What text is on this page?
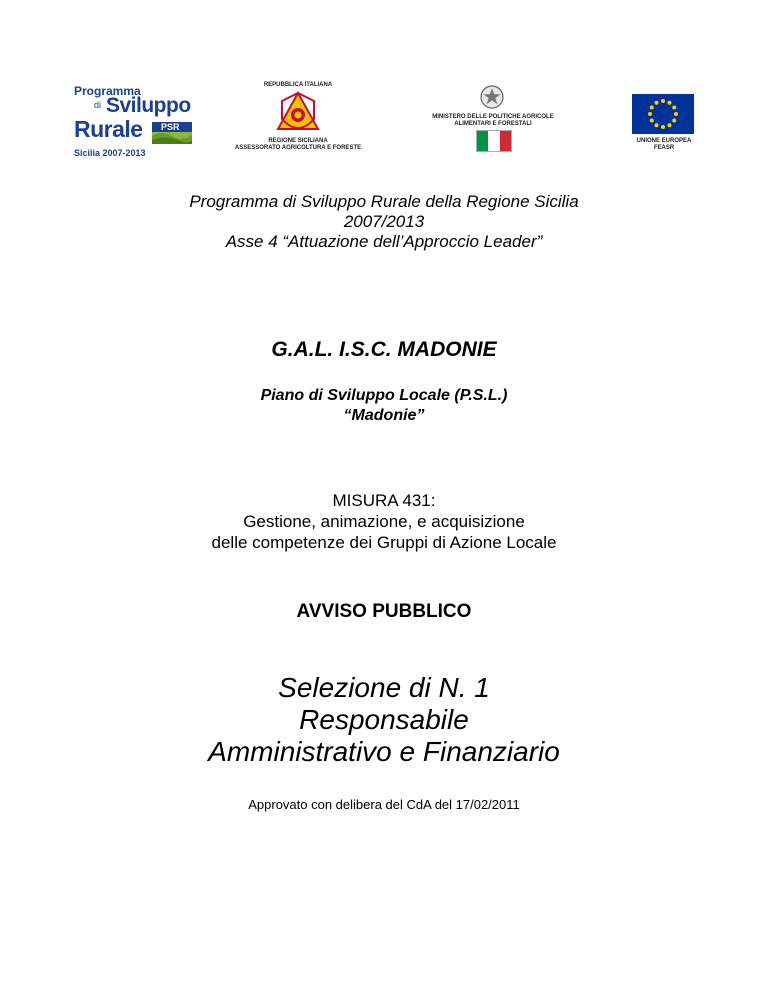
Programma
di Sviluppo
Rurale PSR
Sicilia 2007-2013
REPUBBLICA ITALIANA
REGIONE SICILIANA
ASSESSORATO AGRICOLTURA E FORESTE
MINISTERO DELLE POLITICHE AGRICOLE
ALIMENTARI E FORESTALI
UNIONE EUROPEA
FEASR
Programma di Sviluppo Rurale della Regione Sicilia
2007/2013
Asse 4 “Attuazione dell’Approccio Leader”
G.A.L. I.S.C. MADONIE
Piano di Sviluppo Locale (P.S.L.)
“Madonie”
MISURA 431:
Gestione, animazione, e acquisizione
delle competenze dei Gruppi di Azione Locale
AVVISO PUBBLICO
Selezione di N. 1
Responsabile
Amministrativo e Finanziario
Approvato con delibera del CdA del 17/02/2011
